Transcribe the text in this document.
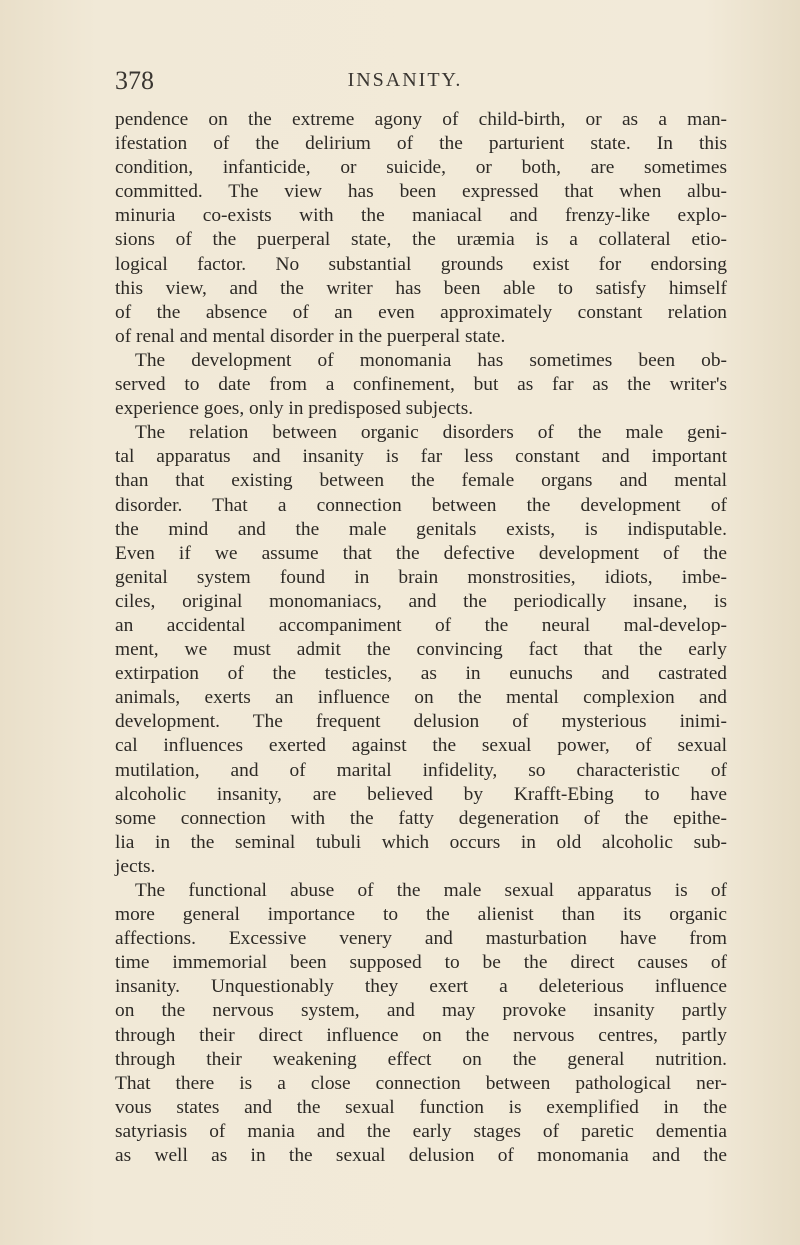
378	INSANITY.
pendence on the extreme agony of child-birth, or as a man-
ifestation of the delirium of the parturient state. In this
condition, infanticide, or suicide, or both, are sometimes
committed. The view has been expressed that when albu-
minuria co-exists with the maniacal and frenzy-like explo-
sions of the puerperal state, the uræmia is a collateral etio-
logical factor. No substantial grounds exist for endorsing
this view, and the writer has been able to satisfy himself
of the absence of an even approximately constant relation
of renal and mental disorder in the puerperal state.
The development of monomania has sometimes been ob-
served to date from a confinement, but as far as the writer's
experience goes, only in predisposed subjects.
The relation between organic disorders of the male geni-
tal apparatus and insanity is far less constant and important
than that existing between the female organs and mental
disorder. That a connection between the development of
the mind and the male genitals exists, is indisputable.
Even if we assume that the defective development of the
genital system found in brain monstrosities, idiots, imbe-
ciles, original monomaniacs, and the periodically insane, is
an accidental accompaniment of the neural mal-develop-
ment, we must admit the convincing fact that the early
extirpation of the testicles, as in eunuchs and castrated
animals, exerts an influence on the mental complexion and
development. The frequent delusion of mysterious inimi-
cal influences exerted against the sexual power, of sexual
mutilation, and of marital infidelity, so characteristic of
alcoholic insanity, are believed by Krafft-Ebing to have
some connection with the fatty degeneration of the epithe-
lia in the seminal tubuli which occurs in old alcoholic sub-
jects.
The functional abuse of the male sexual apparatus is of
more general importance to the alienist than its organic
affections. Excessive venery and masturbation have from
time immemorial been supposed to be the direct causes of
insanity. Unquestionably they exert a deleterious influence
on the nervous system, and may provoke insanity partly
through their direct influence on the nervous centres, partly
through their weakening effect on the general nutrition.
That there is a close connection between pathological ner-
vous states and the sexual function is exemplified in the
satyriasis of mania and the early stages of paretic dementia
as well as in the sexual delusion of monomania and the
